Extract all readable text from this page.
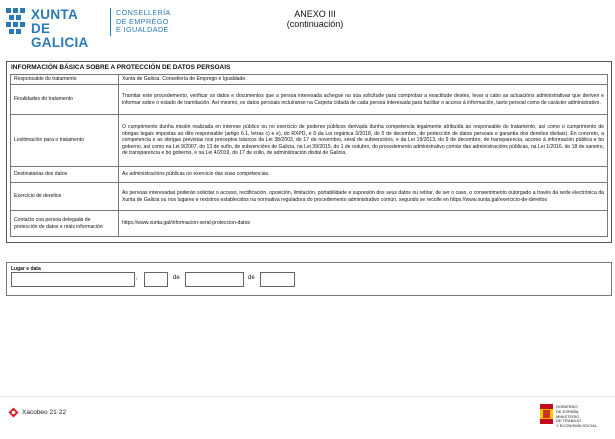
XUNTA
DE GALICIA
CONSELLERÍA
DE EMPREGO
E IGUALDADE
ANEXO III
(continuación)
INFORMACIÓN BÁSICA SOBRE A PROTECCIÓN DE DATOS PERSOAIS
Responsable do tratamento	Xunta de Galicia. Consellería de Emprego e Igualdade.
Finalidades do tratamento	Tramitar este procedemento, verificar os datos e documentos que a persoa interesada achegue na súa solicitude para comprobar a exactitude destes, levar a cabo as actuacións administrativas que deriven e informar sobre o estado de tramitación. Así mesmo, os datos persoais incluiranse na Carpeta cidadá de cada persoa interesada para facilitar o acceso á información, tanto persoal como de carácter administrativo.
Lexitimación para o tratamento	O cumprimento dunha misión realizada en interese público ou no exercicio de poderes públicos derivada dunha competencia legalmente atribuída ao responsable do tratamento, así como o cumprimento de obrigas legais impostas ao dito responsable (artigo 6.1, letras c) e e), do RXPD, e 8 da Lei orgánica 3/2018, do 5 de decembro, de protección de datos persoais e garantía dos dereitos dixitais). En concreto, a competencia e as obrigas previstas nos preceptos básicos da Lei 38/2003, do 17 de novembro, xeral de subvencións, e da Lei 19/2013, do 9 de decembro, de transparencia, acceso á información pública e bo goberno, así como na Lei 9/2007, do 13 de xuño, de subvencións de Galicia, na Lei 39/2015, do 1 de outubro, do procedemento administrativo común das administracións públicas, na Lei 1/2016, do 18 de xaneiro, de transparencia e bo goberno, e na Lei 4/2019, do 17 de xullo, de administración dixital de Galicia.
Destinatarias dos datos	As administracións públicas no exercicio das súas competencias.
Exercicio de dereitos	As persoas interesadas poderán solicitar o acceso, rectificación, oposición, limitación, portabilidade e supresión dos seus datos ou retirar, de ser o caso, o consentimento outorgado a través da sede electrónica da Xunta de Galicia ou nos lugares e rexistros establecidos na normativa reguladora do procedemento administrativo común, segundo se recolle en https://www.xunta.gal/exercicio-de-dereitos
Contacto coa persoa delegada de protección de datos e máis información	https://www.xunta.gal/informacion-xeral-proteccion-datos
Lugar e data
,	de	de
Xacobeo 21·22
GOBIERNO
DE ESPAÑA
MINISTERIO
DE TRABAJO
Y ECONOMÍA SOCIAL
